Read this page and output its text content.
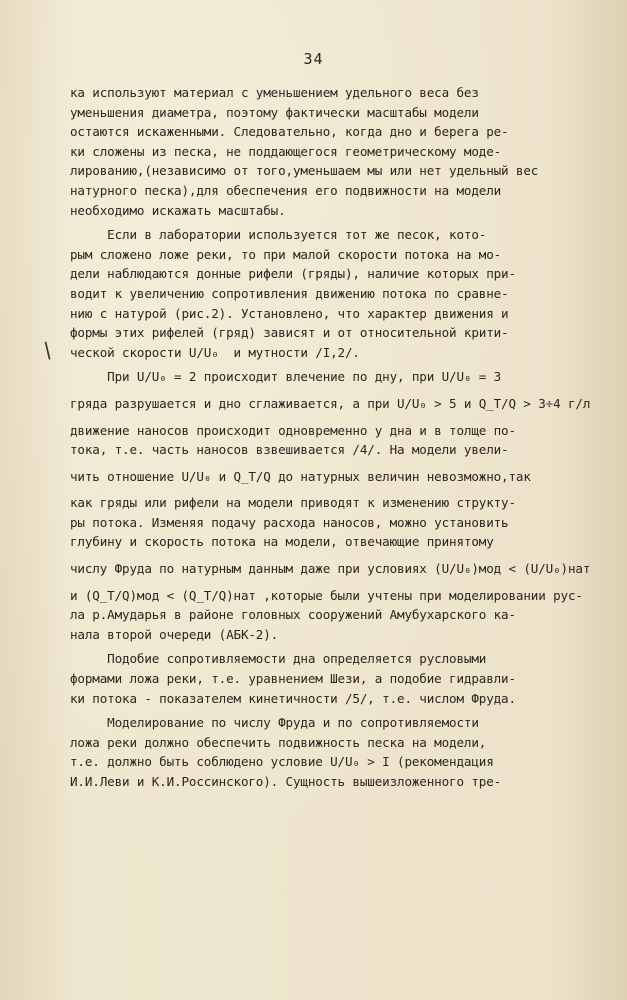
34
\
ка используют материал с уменьшением удельного веса без
уменьшения диаметра, поэтому фактически масштабы модели
остаются искаженными. Следовательно, когда дно и берега ре-
ки сложены из песка, не поддающегося геометрическому моде-
лированию,(независимо от того,уменьшаем мы или нет удельный вес
натурного песка),для обеспечения его подвижности на модели
необходимо искажать масштабы.
Если в лаборатории используется тот же песок, кото-
рым сложено ложе реки, то при малой скорости потока на мо-
дели наблюдаются донные рифели (гряды), наличие которых при-
водит к увеличению сопротивления движению потока по сравне-
нию с натурой (рис.2). Установлено, что характер движения и
формы этих рифелей (гряд) зависят и от относительной крити-
ческой скорости U/U₀  и мутности /I,2/.
При U/U₀ = 2 происходит влечение по дну, при U/U₀ = 3
гряда разрушается и дно сглаживается, а при U/U₀ > 5 и Q_T/Q > 3÷4 г/л
движение наносов происходит одновременно у дна и в толще по-
тока, т.е. часть наносов взвешивается /4/. На модели увели-
чить отношение U/U₀ и Q_T/Q до натурных величин невозможно,так
как гряды или рифели на модели приводят к изменению структу-
ры потока. Изменяя подачу расхода наносов, можно установить
глубину и скорость потока на модели, отвечающие принятому
числу Фруда по натурным данным даже при условиях (U/U₀)мод < (U/U₀)нат
и (Q_T/Q)мод < (Q_T/Q)нат ,которые были учтены при моделировании рус-
ла р.Амударья в районе головных сооружений Амубухарского ка-
нала второй очереди (АБК-2).
Подобие сопротивляемости дна определяется русловыми
формами ложа реки, т.е. уравнением Шези, а подобие гидравли-
ки потока - показателем кинетичности /5/, т.е. числом Фруда.
Моделирование по числу Фруда и по сопротивляемости
ложа реки должно обеспечить подвижность песка на модели,
т.е. должно быть соблюдено условие U/U₀ > I (рекомендация
И.И.Леви и К.И.Россинского). Сущность вышеизложенного тре-
